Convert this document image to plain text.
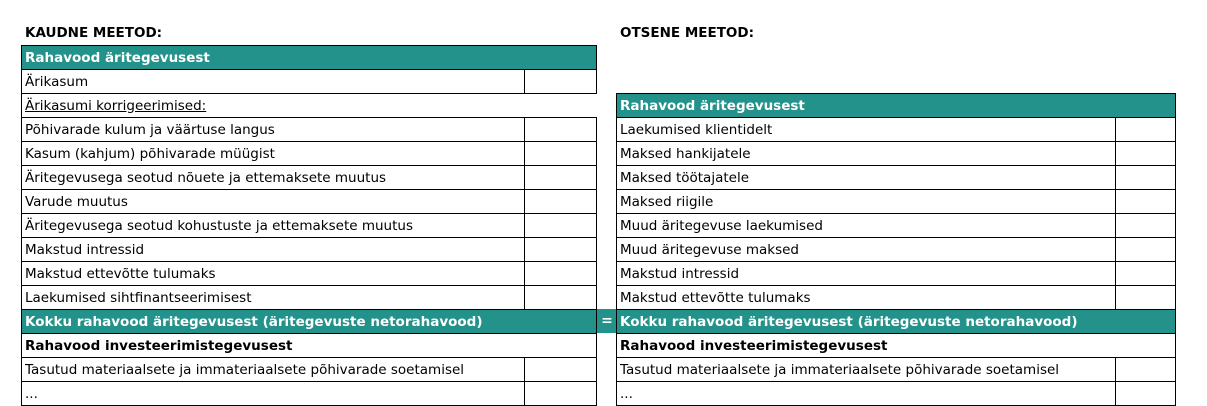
KAUDNE MEETOD:	OTSENE MEETOD:
Rahavood äritegevusest	
Ärikasum	
Ärikasumi korrigeerimised:	
Põhivarade kulum ja väärtuse langus	
Kasum (kahjum) põhivarade müügist	
Äritegevusega seotud nõuete ja ettemaksete muutus	
Varude muutus	
Äritegevusega seotud kohustuste ja ettemaksete muutus	
Makstud intressid	
Makstud ettevõtte tulumaks	
Laekumised sihtfinantseerimisest	
Kokku rahavood äritegevusest (äritegevuste netorahavood)	
Rahavood investeerimistegevusest	
Tasutud materiaalsete ja immateriaalsete põhivarade soetamisel	
...	
=
Rahavood äritegevusest	
Laekumised klientidelt	
Maksed hankijatele	
Maksed töötajatele	
Maksed riigile	
Muud äritegevuse laekumised	
Muud äritegevuse maksed	
Makstud intressid	
Makstud ettevõtte tulumaks	
Kokku rahavood äritegevusest (äritegevuste netorahavood)	
Rahavood investeerimistegevusest	
Tasutud materiaalsete ja immateriaalsete põhivarade soetamisel	
...	
